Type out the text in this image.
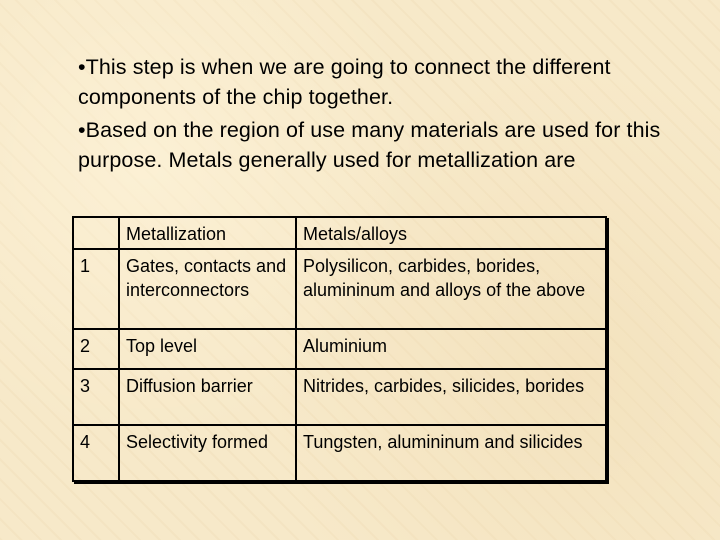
•This step is when we are going to connect the different components of the chip together.

•Based on the region of use many materials are used for this purpose. Metals generally used for metallization are

	Metallization	Metals/alloys
1	Gates, contacts and interconnectors	Polysilicon, carbides, borides, alumininum and alloys of the above
2	Top level	Aluminium
3	Diffusion barrier	Nitrides, carbides, silicides, borides
4	Selectivity formed	Tungsten, alumininum and silicides
